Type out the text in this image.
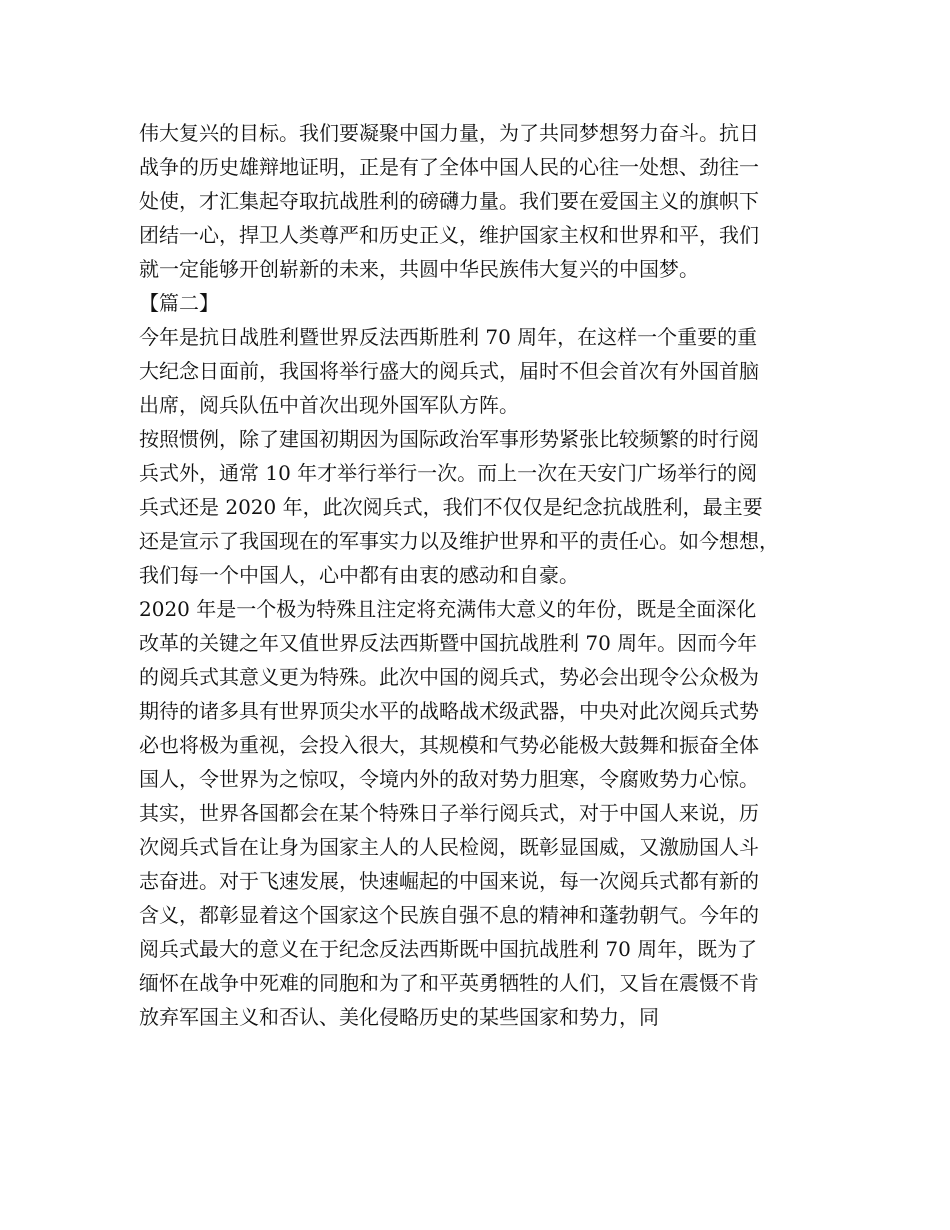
伟大复兴的目标。我们要凝聚中国力量，为了共同梦想努力奋斗。抗日
战争的历史雄辩地证明，正是有了全体中国人民的心往一处想、劲往一
处使，才汇集起夺取抗战胜利的磅礴力量。我们要在爱国主义的旗帜下
团结一心，捍卫人类尊严和历史正义，维护国家主权和世界和平，我们
就一定能够开创崭新的未来，共圆中华民族伟大复兴的中国梦。
【篇二】
今年是抗日战胜利暨世界反法西斯胜利 70 周年，在这样一个重要的重
大纪念日面前，我国将举行盛大的阅兵式，届时不但会首次有外国首脑
出席，阅兵队伍中首次出现外国军队方阵。
按照惯例，除了建国初期因为国际政治军事形势紧张比较频繁的时行阅
兵式外，通常 10 年才举行举行一次。而上一次在天安门广场举行的阅
兵式还是 2020 年，此次阅兵式，我们不仅仅是纪念抗战胜利，最主要
还是宣示了我国现在的军事实力以及维护世界和平的责任心。如今想想，
我们每一个中国人，心中都有由衷的感动和自豪。
2020 年是一个极为特殊且注定将充满伟大意义的年份，既是全面深化
改革的关键之年又值世界反法西斯暨中国抗战胜利 70 周年。因而今年
的阅兵式其意义更为特殊。此次中国的阅兵式，势必会出现令公众极为
期待的诸多具有世界顶尖水平的战略战术级武器，中央对此次阅兵式势
必也将极为重视，会投入很大，其规模和气势必能极大鼓舞和振奋全体
国人，令世界为之惊叹，令境内外的敌对势力胆寒，令腐败势力心惊。
其实，世界各国都会在某个特殊日子举行阅兵式，对于中国人来说，历
次阅兵式旨在让身为国家主人的人民检阅，既彰显国威，又激励国人斗
志奋进。对于飞速发展，快速崛起的中国来说，每一次阅兵式都有新的
含义，都彰显着这个国家这个民族自强不息的精神和蓬勃朝气。今年的
阅兵式最大的意义在于纪念反法西斯既中国抗战胜利 70 周年，既为了
缅怀在战争中死难的同胞和为了和平英勇牺牲的人们，又旨在震慑不肯
放弃军国主义和否认、美化侵略历史的某些国家和势力，同
